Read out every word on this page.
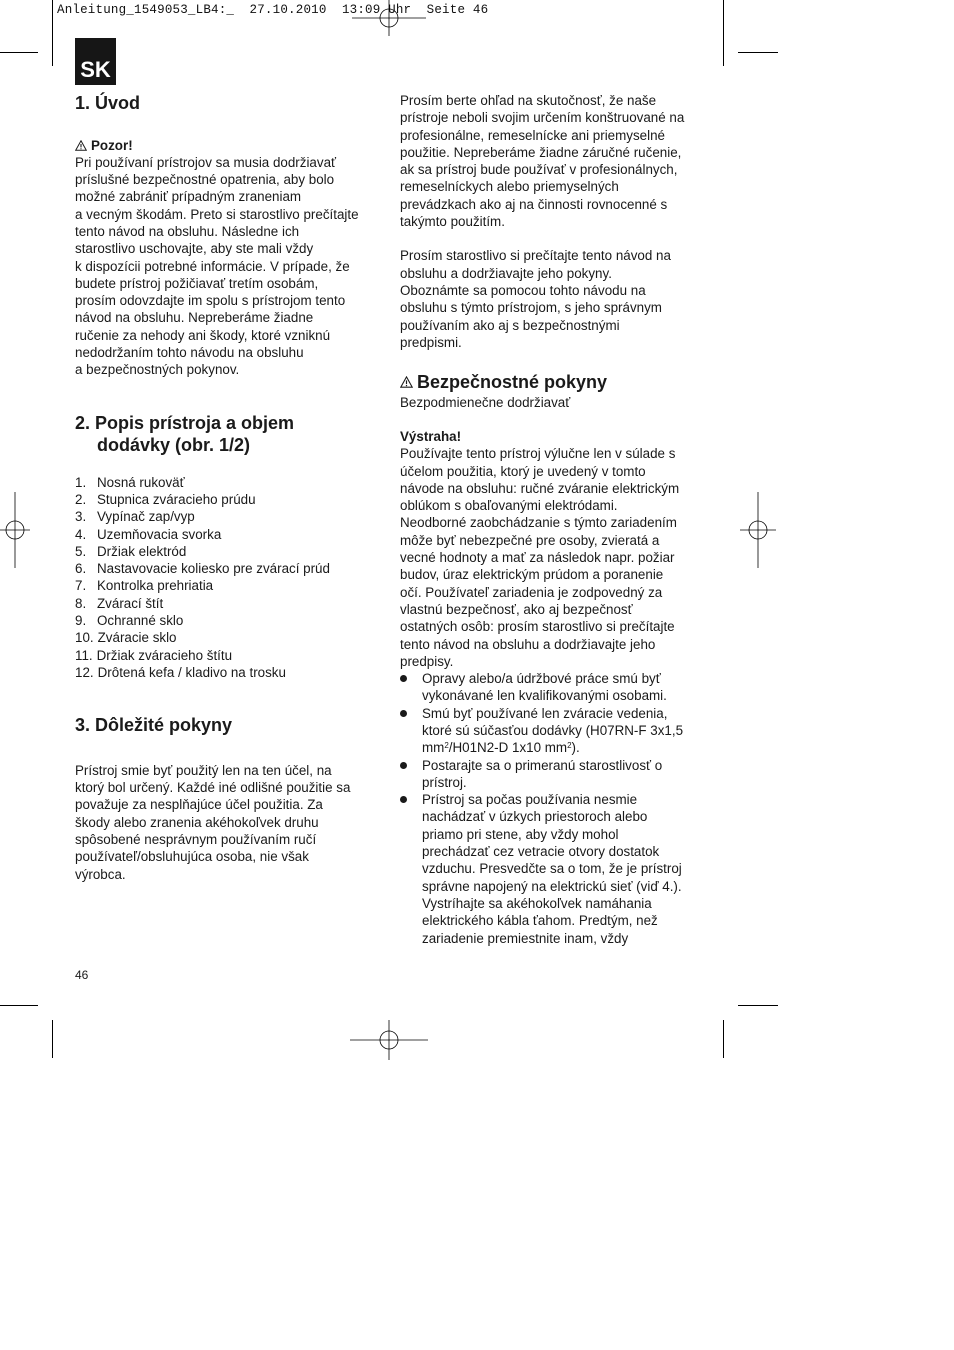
Anleitung_1549053_LB4:_  27.10.2010  13:09 Uhr  Seite 46
SK
1. Úvod
Pozor!

Pri používaní prístrojov sa musia dodržiavať

príslušné bezpečnostné opatrenia, aby bolo

možné zabrániť prípadným zraneniam

a vecným škodám. Preto si starostlivo prečítajte

tento návod na obsluhu. Následne ich

starostlivo uschovajte, aby ste mali vždy

k dispozícii potrebné informácie. V prípade, že

budete prístroj požičiavať tretím osobám,

prosím odovzdajte im spolu s prístrojom tento

návod na obsluhu. Nepreberáme žiadne

ručenie za nehody ani škody, ktoré vzniknú

nedodržaním tohto návodu na obsluhu

a bezpečnostných pokynov.

2. Popis prístroja a objem
dodávky (obr. 1/2)
1. Nosná rukoväť
2. Stupnica zváracieho prúdu
3. Vypínač zap/vyp
4. Uzemňovacia svorka
5. Držiak elektród
6. Nastavovacie koliesko pre zvárací prúd
7. Kontrolka prehriatia
8. Zvárací štít
9. Ochranné sklo
10. Zváracie sklo
11. Držiak zváracieho štítu
12. Drôtená kefa / kladivo na trosku
3. Dôležité pokyny

Prístroj smie byť použitý len na ten účel, na

ktorý bol určený. Každé iné odlišné použitie sa

považuje za nesplňajúce účel použitia. Za

škody alebo zranenia akéhokoľvek druhu

spôsobené nesprávnym používaním ručí

používateľ/obsluhujúca osoba, nie však

výrobca.

Prosím berte ohľad na skutočnosť, že naše

prístroje neboli svojim určením konštruované na

profesionálne, remeselnícke ani priemyselné

použitie. Nepreberáme žiadne záručné ručenie,

ak sa prístroj bude používať v profesionálnych,

remeselníckych alebo priemyselných

prevádzkach ako aj na činnosti rovnocenné s

takýmto použitím.

Prosím starostlivo si prečítajte tento návod na

obsluhu a dodržiavajte jeho pokyny.

Oboznámte sa pomocou tohto návodu na

obsluhu s týmto prístrojom, s jeho správnym

používaním ako aj s bezpečnostnými

predpismi.

Bezpečnostné pokyny

Bezpodmienečne dodržiavať

Výstraha!

Používajte tento prístroj výlučne len v súlade s

účelom použitia, ktorý je uvedený v tomto

návode na obsluhu: ručné zváranie elektrickým

oblúkom s obaľovanými elektródami.

Neodborné zaobchádzanie s týmto zariadením

môže byť nebezpečné pre osoby, zvieratá a

vecné hodnoty a mať za následok napr. požiar

budov, úraz elektrickým prúdom a poranenie

očí. Používateľ zariadenia je zodpovedný za

vlastnú bezpečnosť, ako aj bezpečnosť

ostatných osôb: prosím starostlivo si prečítajte

tento návod na obsluhu a dodržiavajte jeho

predpisy.

Opravy alebo/a údržbové práce smú byť

vykonávané len kvalifikovanými osobami.

Smú byť používané len zváracie vedenia,

ktoré sú súčasťou dodávky (H07RN-F 3x1,5

$mm^2/H01N2-D$ 1x10 $mm^2$).

Postarajte sa o primeranú starostlivosť o

prístroj.

Prístroj sa počas používania nesmie

nachádzať v úzkych priestoroch alebo

priamo pri stene, aby vždy mohol

prechádzať cez vetracie otvory dostatok

vzduchu. Presvedčte sa o tom, že je prístroj

správne napojený na elektrickú sieť (viď 4.).

Vystríhajte sa akéhokoľvek namáhania

elektrického kábla ťahom. Predtým, než

zariadenie premiestnite inam, vždy

46
